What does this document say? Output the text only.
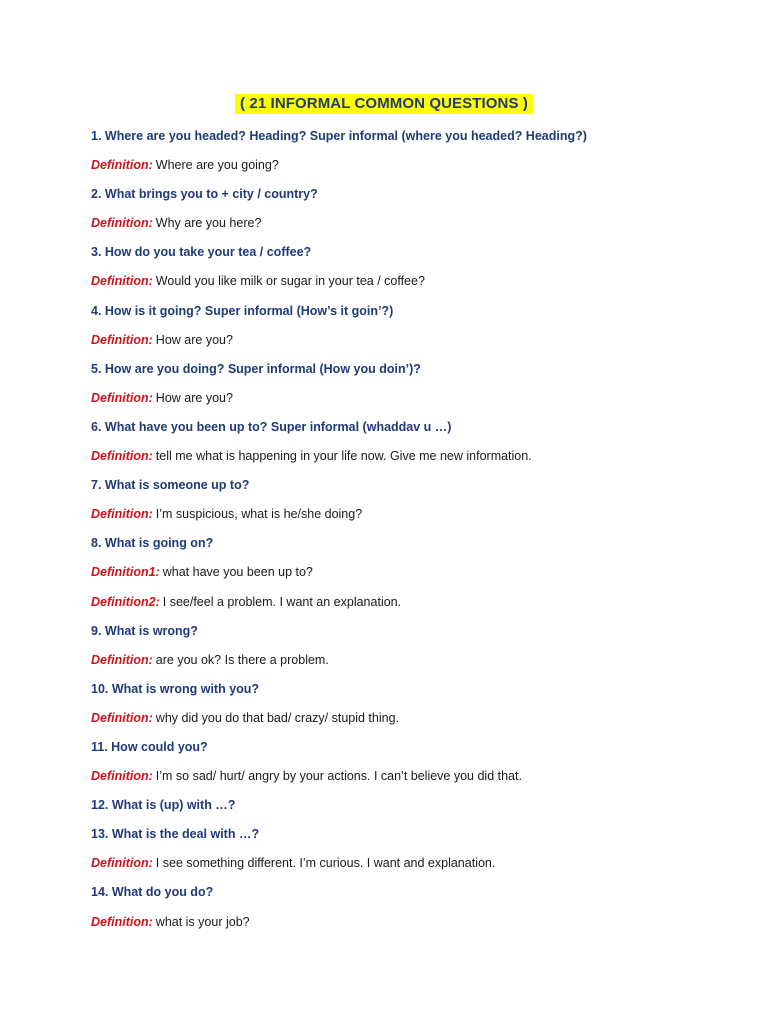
( 21 INFORMAL COMMON QUESTIONS )
1. Where are you headed? Heading? Super informal (where you headed? Heading?)
Definition: Where are you going?
2. What brings you to + city / country?
Definition: Why are you here?
3. How do you take your tea / coffee?
Definition: Would you like milk or sugar in your tea / coffee?
4. How is it going? Super informal (How’s it goin’?)
Definition: How are you?
5. How are you doing? Super informal (How you doin’)?
Definition: How are you?
6. What have you been up to? Super informal (whaddav u …)
Definition: tell me what is happening in your life now. Give me new information.
7. What is someone up to?
Definition: I’m suspicious, what is he/she doing?
8. What is going on?
Definition1: what have you been up to?
Definition2: I see/feel a problem. I want an explanation.
9. What is wrong?
Definition: are you ok? Is there a problem.
10. What is wrong with you?
Definition: why did you do that bad/ crazy/ stupid thing.
11. How could you?
Definition: I’m so sad/ hurt/ angry by your actions. I can’t believe you did that.
12. What is (up) with …?
13. What is the deal with …?
Definition: I see something different. I’m curious. I want and explanation.
14. What do you do?
Definition: what is your job?
